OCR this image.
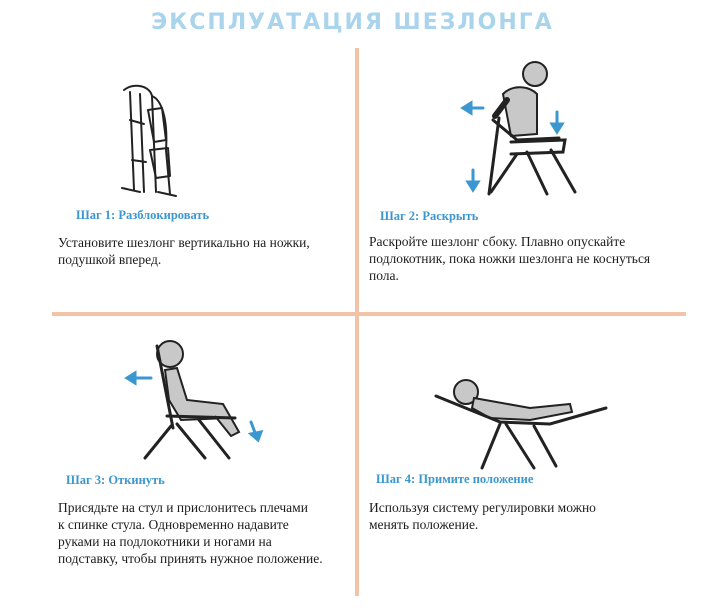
ЭКСПЛУАТАЦИЯ ШЕЗЛОНГА
Шаг 1: Разблокировать
Установите шезлонг вертикально на ножки,
подушкой вперед.
Шаг 2: Раскрыть
Раскройте шезлонг сбоку. Плавно опускайте
подлокотник, пока ножки шезлонга не коснуться
пола.
Шаг 3: Откинуть
Присядьте на стул и прислонитесь плечами
к спинке стула. Одновременно надавите
руками на подлокотники и ногами на
подставку, чтобы принять нужное положение.
Шаг 4: Примите положение
Используя систему регулировки можно
менять положение.
